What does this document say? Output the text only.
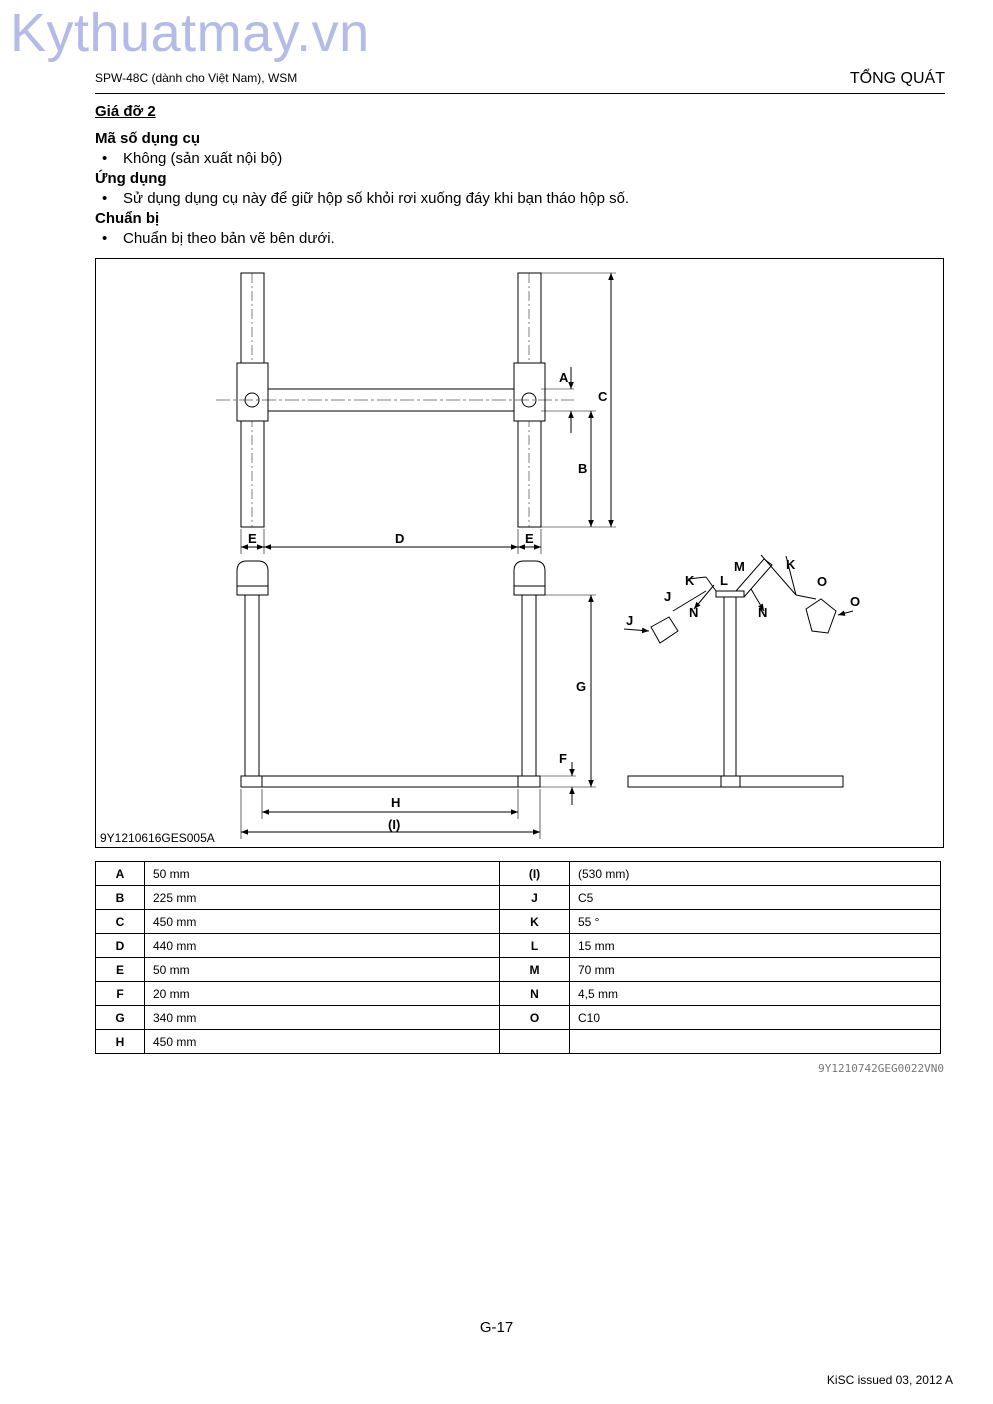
Kythuatmay.vn
SPW-48C (dành cho Việt Nam), WSM	TỔNG QUÁT
Giá đỡ 2
Mã số dụng cụ
• Không (sản xuất nội bộ)
Ứng dụng
• Sử dụng dụng cụ này để giữ hộp số khỏi rơi xuống đáy khi bạn tháo hộp số.
Chuẩn bị
• Chuẩn bị theo bản vẽ bên dưới.
A
C
B
E	D	E
G
F
H
(I)
M	K
K L	O
O
J
J
N	N
9Y1210616GES005A
A	50 mm	(I)	(530 mm)
B	225 mm	J	C5
C	450 mm	K	55 °
D	440 mm	L	15 mm
E	50 mm	M	70 mm
F	20 mm	N	4,5 mm
G	340 mm	O	C10
H	450 mm		
9Y1210742GEG0022VN0
G-17
KiSC issued 03, 2012 A
